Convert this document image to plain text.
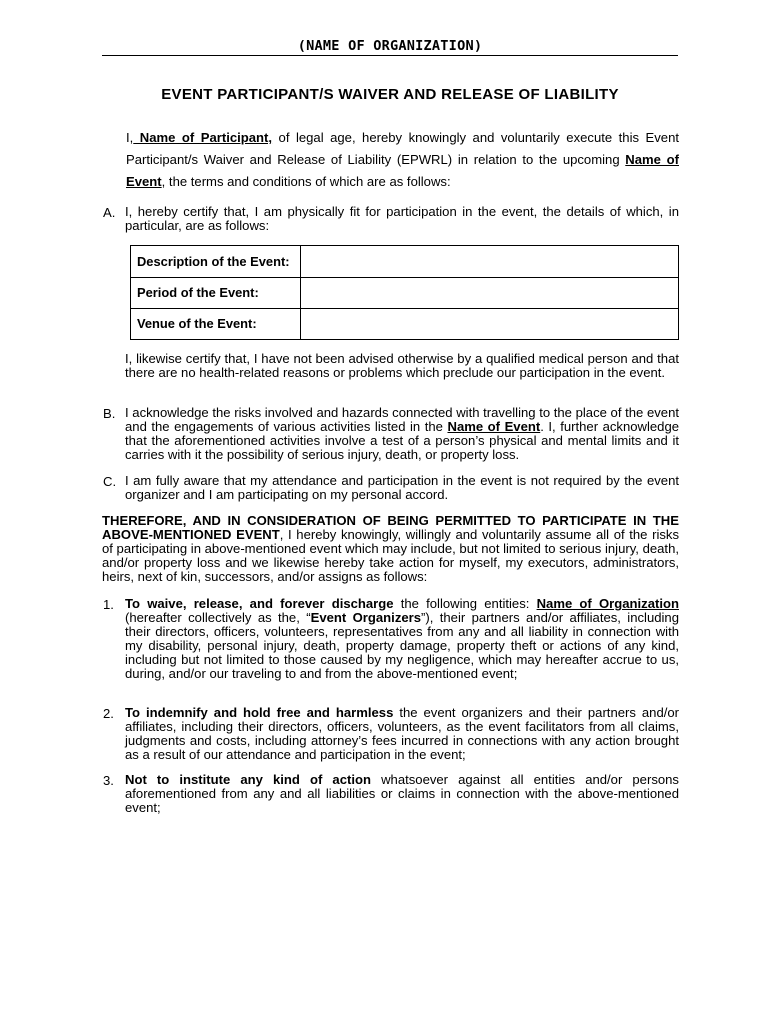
(NAME OF ORGANIZATION)
EVENT PARTICIPANT/S WAIVER AND RELEASE OF LIABILITY
I, Name of Participant, of legal age, hereby knowingly and voluntarily execute this Event Participant/s Waiver and Release of Liability (EPWRL) in relation to the upcoming Name of Event, the terms and conditions of which are as follows:
A. I, hereby certify that, I am physically fit for participation in the event, the details of which, in particular, are as follows:
Description of the Event:	
Period of the Event:	
Venue of the Event:	
I, likewise certify that, I have not been advised otherwise by a qualified medical person and that there are no health-related reasons or problems which preclude our participation in the event.
B. I acknowledge the risks involved and hazards connected with travelling to the place of the event and the engagements of various activities listed in the Name of Event. I, further acknowledge that the aforementioned activities involve a test of a person’s physical and mental limits and it carries with it the possibility of serious injury, death, or property loss.
C. I am fully aware that my attendance and participation in the event is not required by the event organizer and I am participating on my personal accord.
THEREFORE, AND IN CONSIDERATION OF BEING PERMITTED TO PARTICIPATE IN THE ABOVE-MENTIONED EVENT, I hereby knowingly, willingly and voluntarily assume all of the risks of participating in above-mentioned event which may include, but not limited to serious injury, death, and/or property loss and we likewise hereby take action for myself, my executors, administrators, heirs, next of kin, successors, and/or assigns as follows:
1. To waive, release, and forever discharge the following entities: Name of Organization (hereafter collectively as the, “Event Organizers”), their partners and/or affiliates, including their directors, officers, volunteers, representatives from any and all liability in connection with my disability, personal injury, death, property damage, property theft or actions of any kind, including but not limited to those caused by my negligence, which may hereafter accrue to us, during, and/or our traveling to and from the above-mentioned event;
2. To indemnify and hold free and harmless the event organizers and their partners and/or affiliates, including their directors, officers, volunteers, as the event facilitators from all claims, judgments and costs, including attorney’s fees incurred in connections with any action brought as a result of our attendance and participation in the event;
3. Not to institute any kind of action whatsoever against all entities and/or persons aforementioned from any and all liabilities or claims in connection with the above-mentioned event;
